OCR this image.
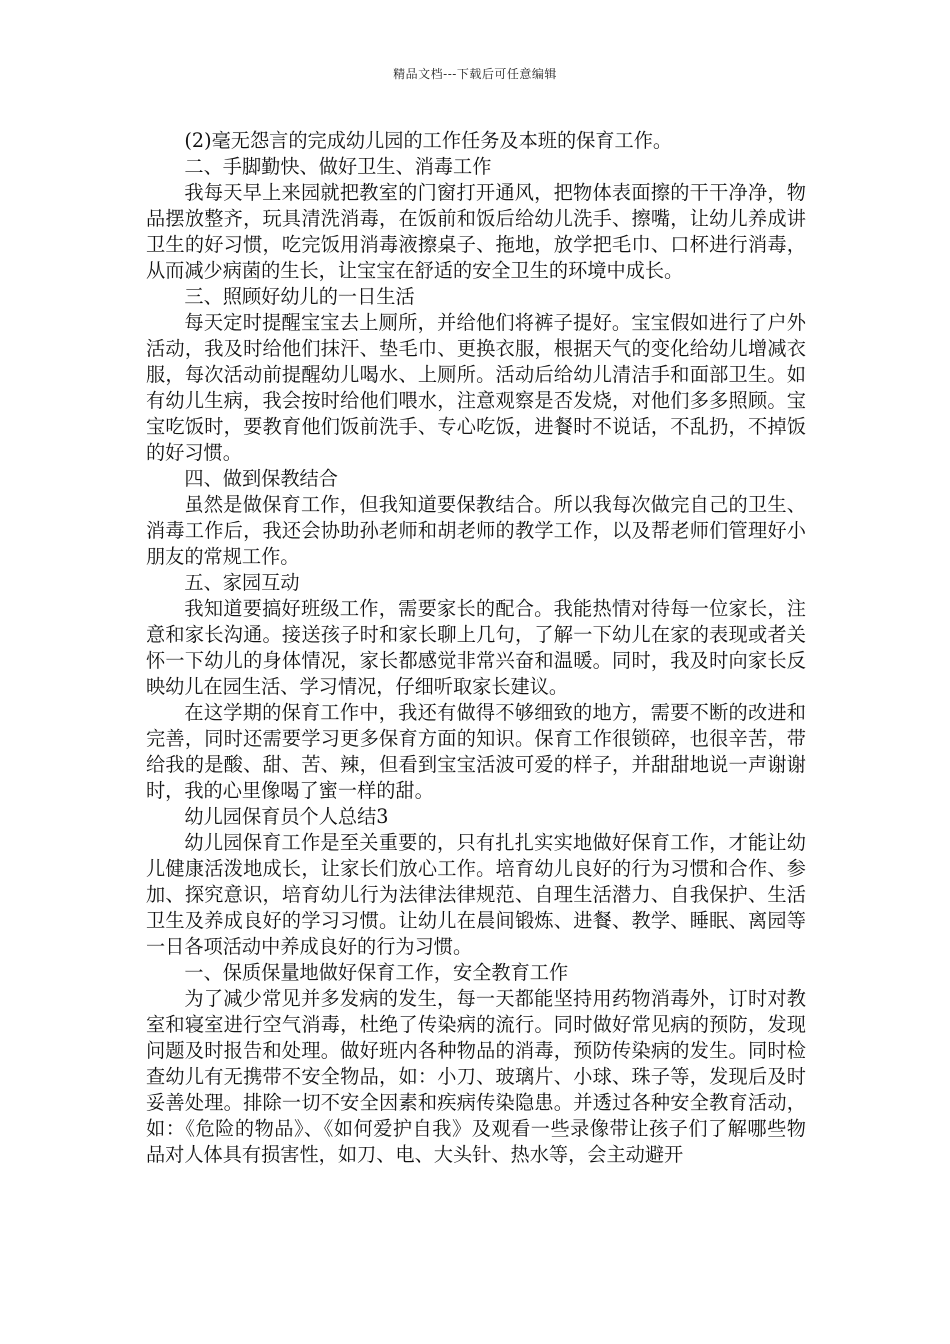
精品文档---下载后可任意编辑

(2)毫无怨言的完成幼儿园的工作任务及本班的保育工作。

二、手脚勤快、做好卫生、消毒工作

我每天早上来园就把教室的门窗打开通风，把物体表面擦的干干净净，物品摆放整齐，玩具清洗消毒，在饭前和饭后给幼儿洗手、擦嘴，让幼儿养成讲卫生的好习惯，吃完饭用消毒液擦桌子、拖地，放学把毛巾、口杯进行消毒，从而减少病菌的生长，让宝宝在舒适的安全卫生的环境中成长。

三、照顾好幼儿的一日生活

每天定时提醒宝宝去上厕所，并给他们将裤子提好。宝宝假如进行了户外活动，我及时给他们抹汗、垫毛巾、更换衣服，根据天气的变化给幼儿增减衣服，每次活动前提醒幼儿喝水、上厕所。活动后给幼儿清洁手和面部卫生。如有幼儿生病，我会按时给他们喂水，注意观察是否发烧，对他们多多照顾。宝宝吃饭时，要教育他们饭前洗手、专心吃饭，进餐时不说话，不乱扔，不掉饭的好习惯。

四、做到保教结合

虽然是做保育工作，但我知道要保教结合。所以我每次做完自己的卫生、消毒工作后，我还会协助孙老师和胡老师的教学工作，以及帮老师们管理好小朋友的常规工作。

五、家园互动

我知道要搞好班级工作，需要家长的配合。我能热情对待每一位家长，注意和家长沟通。接送孩子时和家长聊上几句，了解一下幼儿在家的表现或者关怀一下幼儿的身体情况，家长都感觉非常兴奋和温暖。同时，我及时向家长反映幼儿在园生活、学习情况，仔细听取家长建议。

在这学期的保育工作中，我还有做得不够细致的地方，需要不断的改进和完善，同时还需要学习更多保育方面的知识。保育工作很锁碎，也很辛苦，带给我的是酸、甜、苦、辣，但看到宝宝活波可爱的样子，并甜甜地说一声谢谢时，我的心里像喝了蜜一样的甜。

幼儿园保育员个人总结3

幼儿园保育工作是至关重要的，只有扎扎实实地做好保育工作，才能让幼儿健康活泼地成长，让家长们放心工作。培育幼儿良好的行为习惯和合作、参加、探究意识，培育幼儿行为法律法律规范、自理生活潜力、自我保护、生活卫生及养成良好的学习习惯。让幼儿在晨间锻炼、进餐、教学、睡眠、离园等一日各项活动中养成良好的行为习惯。

一、保质保量地做好保育工作，安全教育工作

为了减少常见并多发病的发生，每一天都能坚持用药物消毒外，订时对教室和寝室进行空气消毒，杜绝了传染病的流行。同时做好常见病的预防，发现问题及时报告和处理。做好班内各种物品的消毒，预防传染病的发生。同时检查幼儿有无携带不安全物品，如：小刀、玻璃片、小球、珠子等，发现后及时妥善处理。排除一切不安全因素和疾病传染隐患。并透过各种安全教育活动，如：《危险的物品》、《如何爱护自我》及观看一些录像带让孩子们了解哪些物品对人体具有损害性，如刀、电、大头针、热水等，会主动避开
